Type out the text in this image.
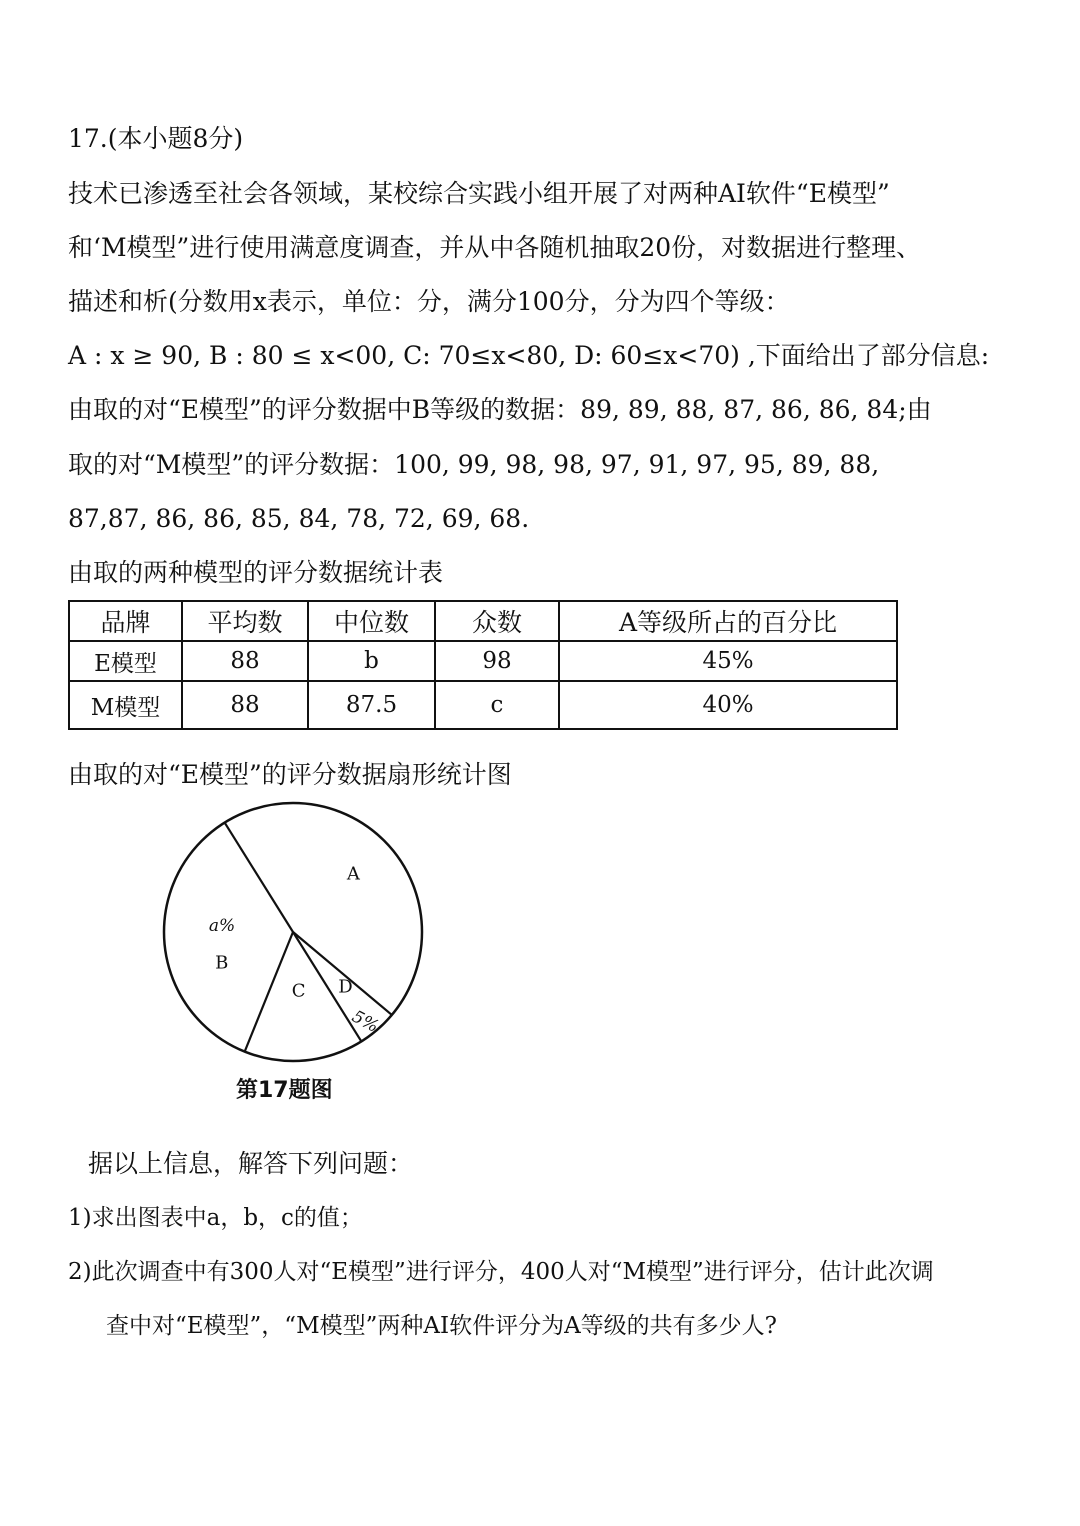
17.(本小题8分)
技术已渗透至社会各领域，某校综合实践小组开展了对两种AI软件“E模型”
和‘M模型”进行使用满意度调查，并从中各随机抽取20份，对数据进行整理、
描述和析(分数用x表示，单位：分，满分100分，分为四个等级：
A : x ≥ 90, B : 80 ≤ x<00, C: 70≤x<80, D: 60≤x<70) ,下面给出了部分信息:
由取的对“E模型”的评分数据中B等级的数据：89, 89, 88, 87, 86, 86, 84;由
取的对“M模型”的评分数据：100, 99, 98, 98, 97, 91, 97, 95, 89, 88,
87,87, 86, 86, 85, 84, 78, 72, 69, 68.
由取的两种模型的评分数据统计表
品牌	平均数	中位数	众数	A等级所占的百分比
E模型	88	b	98	45%
M模型	88	87.5	c	40%
由取的对“E模型”的评分数据扇形统计图
A
D
5%
C
B
a%
第17题图
据以上信息，解答下列问题：
1)求出图表中a，b，c的值；
2)此次调查中有300人对“E模型”进行评分，400人对“M模型”进行评分，估计此次调
查中对“E模型”，“M模型”两种AI软件评分为A等级的共有多少人?
